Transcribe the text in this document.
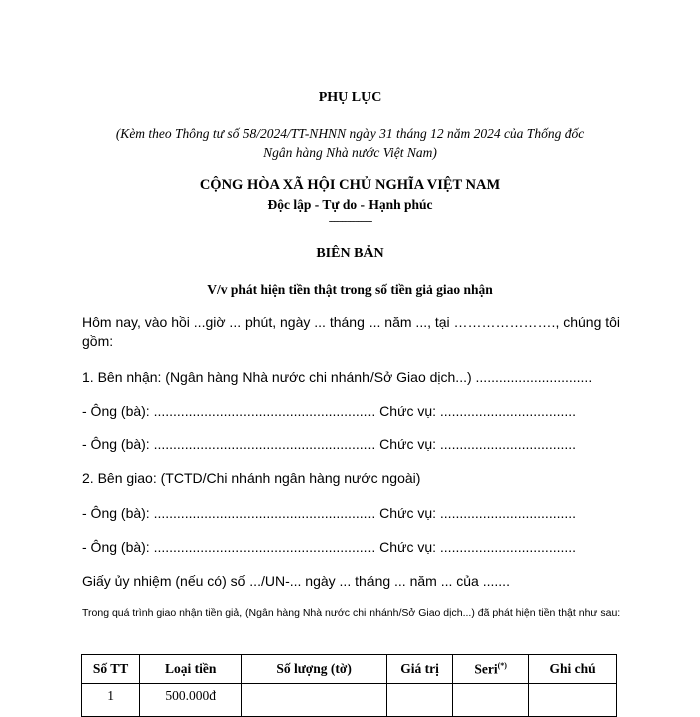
PHỤ LỤC
(Kèm theo Thông tư số 58/2024/TT-NHNN ngày 31 tháng 12 năm 2024 của Thống đốc
Ngân hàng Nhà nước Việt Nam)
CỘNG HÒA XÃ HỘI CHỦ NGHĨA VIỆT NAM
Độc lập - Tự do - Hạnh phúc
----------------
BIÊN BẢN
V/v phát hiện tiền thật trong số tiền giả giao nhận
Hôm nay, vào hồi ...giờ ... phút, ngày ... tháng ... năm ..., tại …………………., chúng tôi gồm:
1. Bên nhận: (Ngân hàng Nhà nước chi nhánh/Sở Giao dịch...) ..............................
- Ông (bà): ......................................................... Chức vụ: ...................................
- Ông (bà): ......................................................... Chức vụ: ...................................
2. Bên giao: (TCTD/Chi nhánh ngân hàng nước ngoài)
- Ông (bà): ......................................................... Chức vụ: ...................................
- Ông (bà): ......................................................... Chức vụ: ...................................
Giấy ủy nhiệm (nếu có) số .../UN-... ngày ... tháng ... năm ... của .......
Trong quá trình giao nhận tiền giả, (Ngân hàng Nhà nước chi nhánh/Sở Giao dịch...) đã phát hiện tiền thật như sau:
Số TT	Loại tiền	Số lượng (tờ)	Giá trị	Seri(*)	Ghi chú
1	500.000đ				
